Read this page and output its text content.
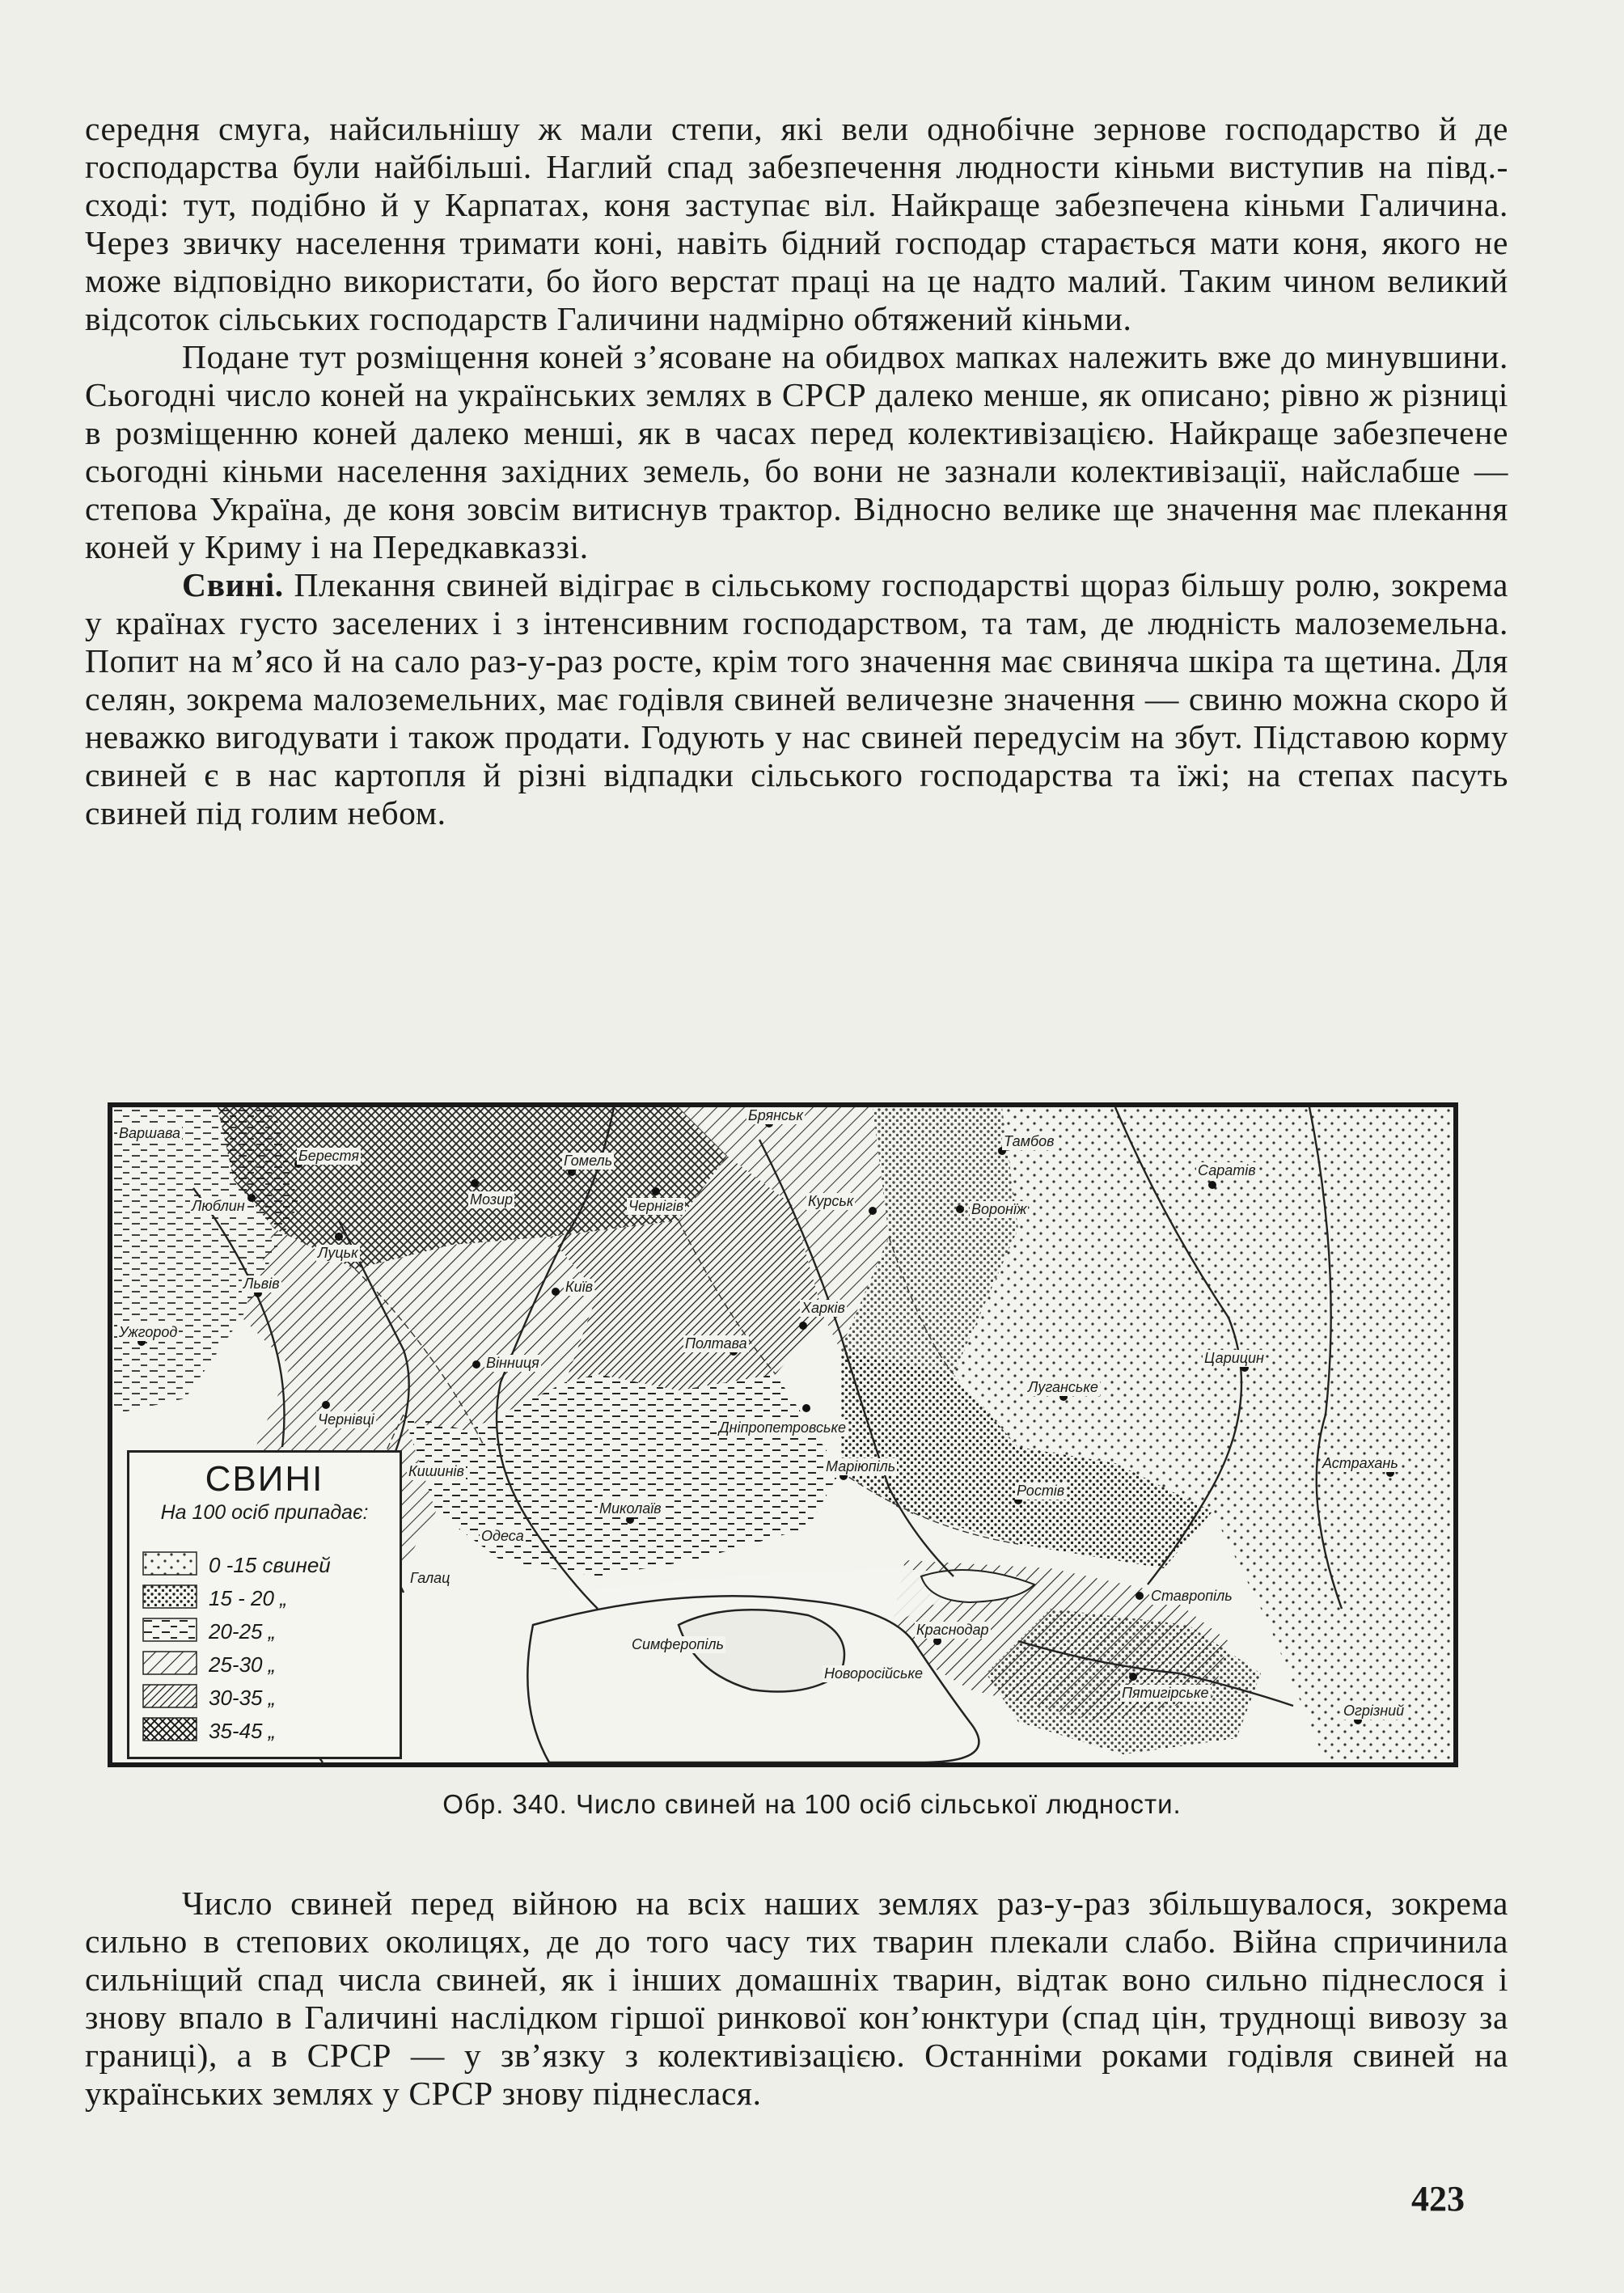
середня смуга, найсильнішу ж мали степи, які вели однобічне зернове господарство й де господарства були найбільші. Наглий спад забезпечення людности кіньми виступив на півд.-сході: тут, подібно й у Карпатах, коня заступає віл. Найкраще забезпечена кіньми Галичина. Через звичку населення тримати коні, навіть бідний господар старається мати коня, якого не може відповідно використати, бо його верстат праці на це надто малий. Таким чином великий відсоток сільських господарств Галичини надмірно обтяжений кіньми.

Подане тут розміщення коней з’ясоване на обидвох мапках належить вже до минувшини. Сьогодні число коней на українських землях в СРСР далеко менше, як описано; рівно ж різниці в розміщенню коней далеко менші, як в часах перед колективізацією. Найкраще забезпечене сьогодні кіньми населення західних земель, бо вони не зазнали колективізації, найслабше — степова Україна, де коня зовсім витиснув трактор. Відносно велике ще значення має плекання коней у Криму і на Передкавказзі.

Свині. Плекання свиней відіграє в сільському господарстві щораз більшу ролю, зокрема у країнах густо заселених і з інтенсивним господарством, та там, де людність малоземельна. Попит на м’ясо й на сало раз-у-раз росте, крім того значення має свиняча шкіра та щетина. Для селян, зокрема малоземельних, має годівля свиней величезне значення — свиню можна скоро й неважко вигодувати і також продати. Годують у нас свиней передусім на збут. Підставою корму свиней є в нас картопля й різні відпадки сільського господарства та їжі; на степах пасуть свиней під голим небом.

Варшава
Берестя
Люблин	Мозир
Гомель
Чернігів
Брянськ
Тамбов
Саратів
Курськ	Воронїж
Луцьк
Львів	Київ
Харків
Полтава
Ужгород
Вінниця	Царицин
Луганське
Чернівці	Дніпропетровське
Кишинів	Маріюпіль
Ростів
Астрахань
Одеса
Миколаїв
Галац
Ставропіль
Симферопіль
Краснодар
Новоросійське
Пятигірське
Огрізний
СВИНІ
На 100 осіб припадає:
0 -15 свиней
15 - 20 „
20-25 „
25-30 „
30-35 „
35-45 „
Обр. 340. Число свиней на 100 осіб сільської людности.

Число свиней перед війною на всіх наших землях раз-у-раз збільшувалося, зокрема сильно в степових околицях, де до того часу тих тварин плекали слабо. Війна спричинила сильніщий спад числа свиней, як і інших домашніх тварин, відтак воно сильно піднеслося і знову впало в Галичині наслідком гіршої ринкової кон’юнктури (спад цін, труднощі вивозу за границі), а в СРСР — у зв’язку з колективізацією. Останніми роками годівля свиней на українських землях у СРСР знову піднеслася.

423
